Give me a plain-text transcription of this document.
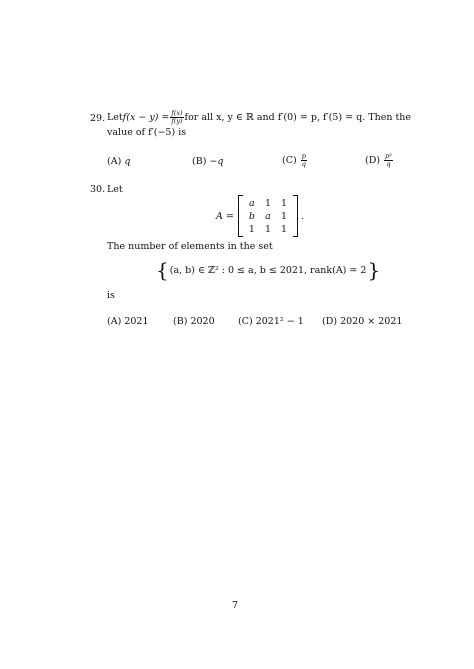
29. Let $f(x - y) = \frac{f(x)}{f(y)}$ for all x, y ∈ ℝ and f′(0) = p, f′(5) = q. Then the
value of f′(−5) is
(A) q	(B) −q	(C)
$\frac{p}{q}$	(D)
$\frac{\text{p²}}{q}$
30. Let
A =
a	1	1
b	a	1
1	1	1
.
The number of elements in the set
{ (a, b) ∈ ℤ² : 0 ≤ a, b ≤ 2021, rank(A) = 2 }
is
(A) 2021	(B) 2020 (C) 2021² − 1 (D) 2020 × 2021
7
